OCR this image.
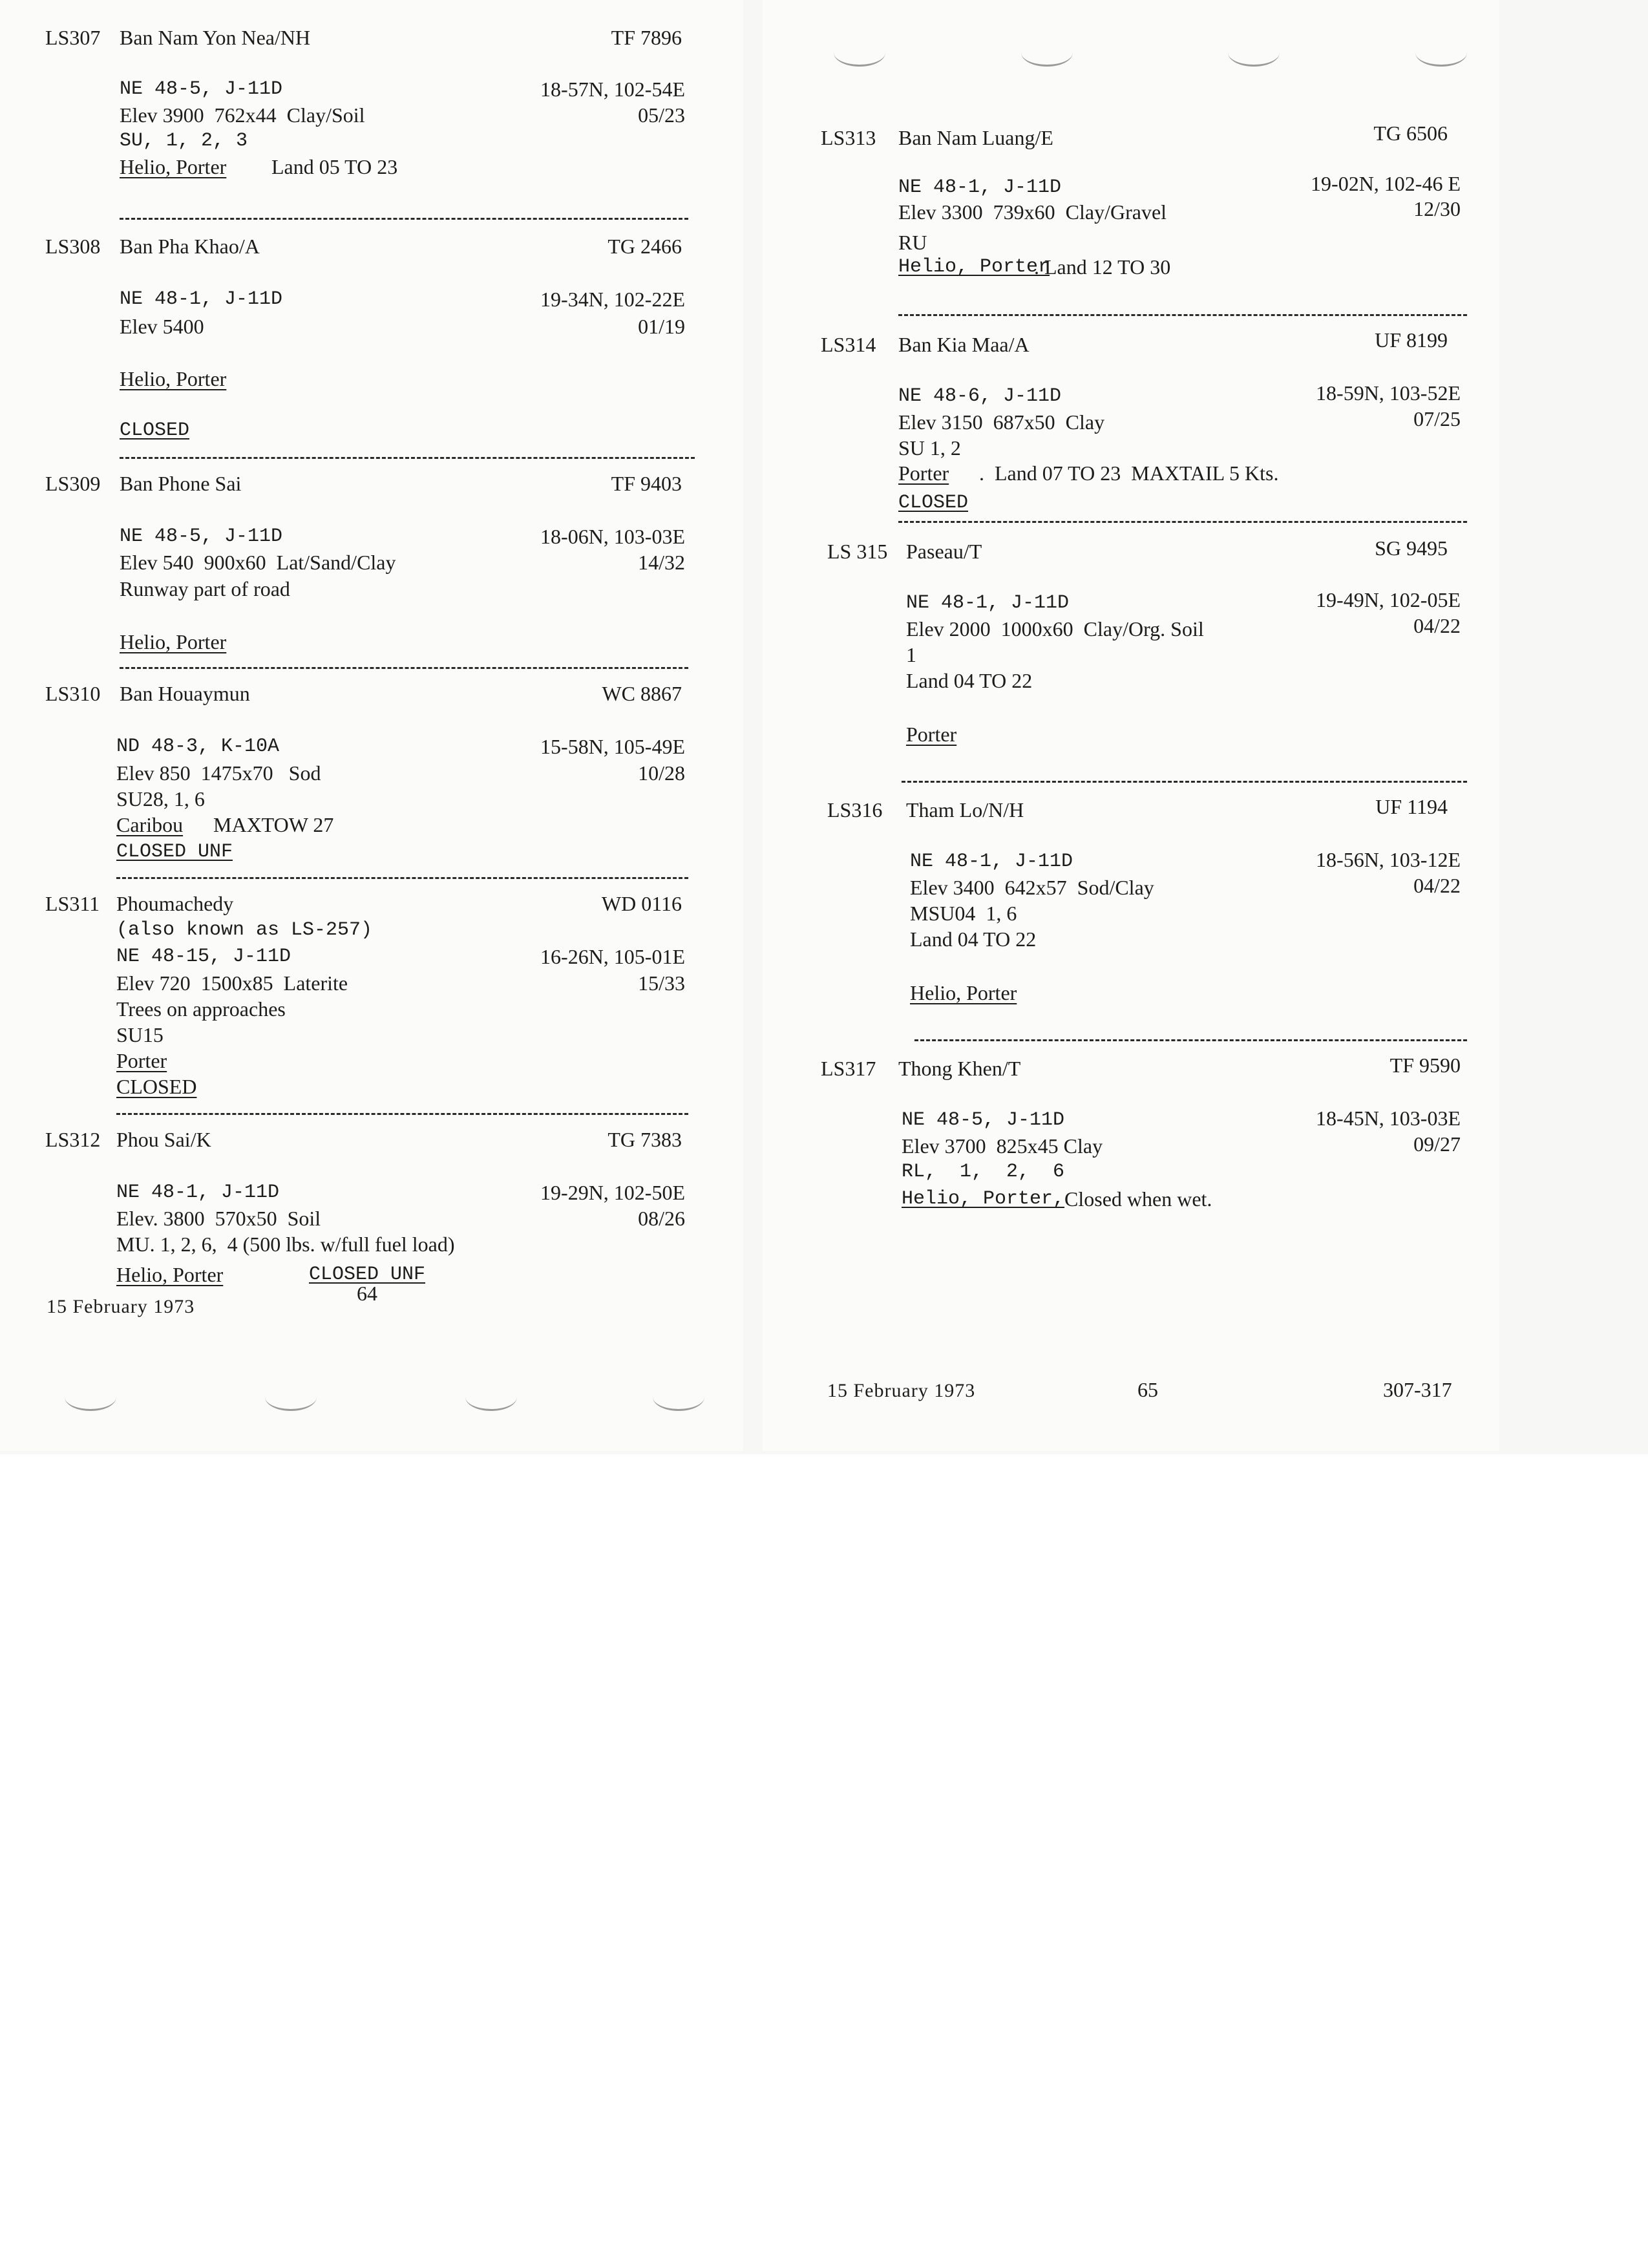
LS307 Ban Nam Yon Nea/NH	TF 7896
NE 48-5, J-11D	18-57N, 102-54E
Elev 3900  762x44  Clay/Soil	05/23
SU, 1, 2, 3
Helio, Porter Land 05 TO 23
LS308 Ban Pha Khao/A	TG 2466
NE 48-1, J-11D	19-34N, 102-22E
Elev 5400	01/19
Helio, Porter
CLOSED
LS309 Ban Phone Sai	TF 9403
NE 48-5, J-11D	18-06N, 103-03E
Elev 540  900x60  Lat/Sand/Clay	14/32
Runway part of road
Helio, Porter
LS310 Ban Houaymun	WC 8867
ND 48-3, K-10A	15-58N, 105-49E
Elev 850  1475x70   Sod	10/28
SU28, 1, 6
Caribou MAXTOW 27
CLOSED UNF
LS311 Phoumachedy	WD 0116
(also known as LS-257)
NE 48-15, J-11D	16-26N, 105-01E
Elev 720  1500x85  Laterite	15/33
Trees on approaches
SU15
Porter
CLOSED
LS312 Phou Sai/K	TG 7383
NE 48-1, J-11D	19-29N, 102-50E
Elev. 3800  570x50  Soil	08/26
MU. 1, 2, 6,  4 (500 lbs. w/full fuel load)
Helio, Porter	CLOSED UNF
15 February 1973
64
LS313 Ban Nam Luang/E	TG 6506
NE 48-1, J-11D	19-02N, 102-46 E
Elev 3300  739x60  Clay/Gravel	12/30
RU
Helio, Porter
. Land 12 TO 30
LS314 Ban Kia Maa/A	UF 8199
NE 48-6, J-11D	18-59N, 103-52E
Elev 3150  687x50  Clay	07/25
SU 1, 2
Porter .  Land 07 TO 23  MAXTAIL 5 Kts.
CLOSED
LS 315 Paseau/T	SG 9495
NE 48-1, J-11D	19-49N, 102-05E
Elev 2000  1000x60  Clay/Org. Soil	04/22
1
Land 04 TO 22
Porter
LS316 Tham Lo/N/H	UF 1194
NE 48-1, J-11D	18-56N, 103-12E
Elev 3400  642x57  Sod/Clay	04/22
MSU04  1, 6
Land 04 TO 22
Helio, Porter
LS317 Thong Khen/T	TF 9590
NE 48-5, J-11D	18-45N, 103-03E
Elev 3700  825x45 Clay	09/27
RL,  1,  2,  6
Helio, Porter, Closed when wet.
15 February 1973	65	307-317
